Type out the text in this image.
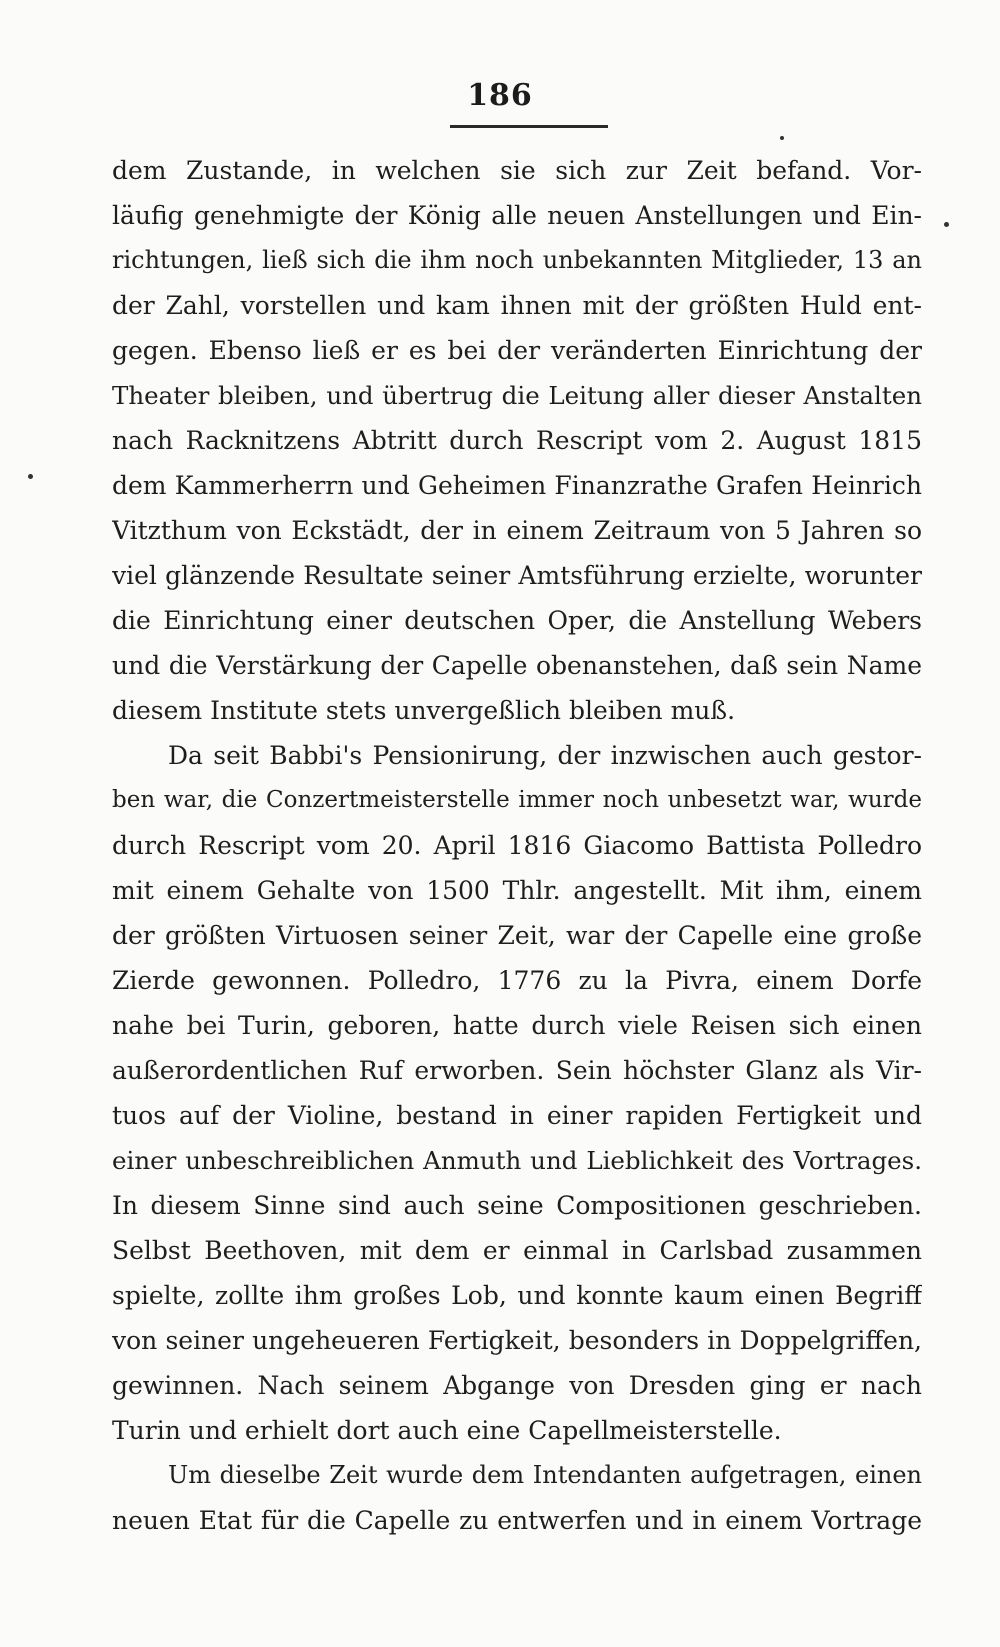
186
dem Zustande, in welchen sie sich zur Zeit befand. Vor-
läufig genehmigte der König alle neuen Anstellungen und Ein-
richtungen, ließ sich die ihm noch unbekannten Mitglieder, 13 an
der Zahl, vorstellen und kam ihnen mit der größten Huld ent-
gegen. Ebenso ließ er es bei der veränderten Einrichtung der
Theater bleiben, und übertrug die Leitung aller dieser Anstalten
nach Racknitzens Abtritt durch Rescript vom 2. August 1815
dem Kammerherrn und Geheimen Finanzrathe Grafen Heinrich
Vitzthum von Eckstädt, der in einem Zeitraum von 5 Jahren so
viel glänzende Resultate seiner Amtsführung erzielte, worunter
die Einrichtung einer deutschen Oper, die Anstellung Webers
und die Verstärkung der Capelle obenanstehen, daß sein Name
diesem Institute stets unvergeßlich bleiben muß.
Da seit Babbi's Pensionirung, der inzwischen auch gestor-
ben war, die Conzertmeisterstelle immer noch unbesetzt war, wurde
durch Rescript vom 20. April 1816 Giacomo Battista Polledro
mit einem Gehalte von 1500 Thlr. angestellt. Mit ihm, einem
der größten Virtuosen seiner Zeit, war der Capelle eine große
Zierde gewonnen. Polledro, 1776 zu la Pivra, einem Dorfe
nahe bei Turin, geboren, hatte durch viele Reisen sich einen
außerordentlichen Ruf erworben. Sein höchster Glanz als Vir-
tuos auf der Violine, bestand in einer rapiden Fertigkeit und
einer unbeschreiblichen Anmuth und Lieblichkeit des Vortrages.
In diesem Sinne sind auch seine Compositionen geschrieben.
Selbst Beethoven, mit dem er einmal in Carlsbad zusammen
spielte, zollte ihm großes Lob, und konnte kaum einen Begriff
von seiner ungeheueren Fertigkeit, besonders in Doppelgriffen,
gewinnen. Nach seinem Abgange von Dresden ging er nach
Turin und erhielt dort auch eine Capellmeisterstelle.
Um dieselbe Zeit wurde dem Intendanten aufgetragen, einen
neuen Etat für die Capelle zu entwerfen und in einem Vortrage
